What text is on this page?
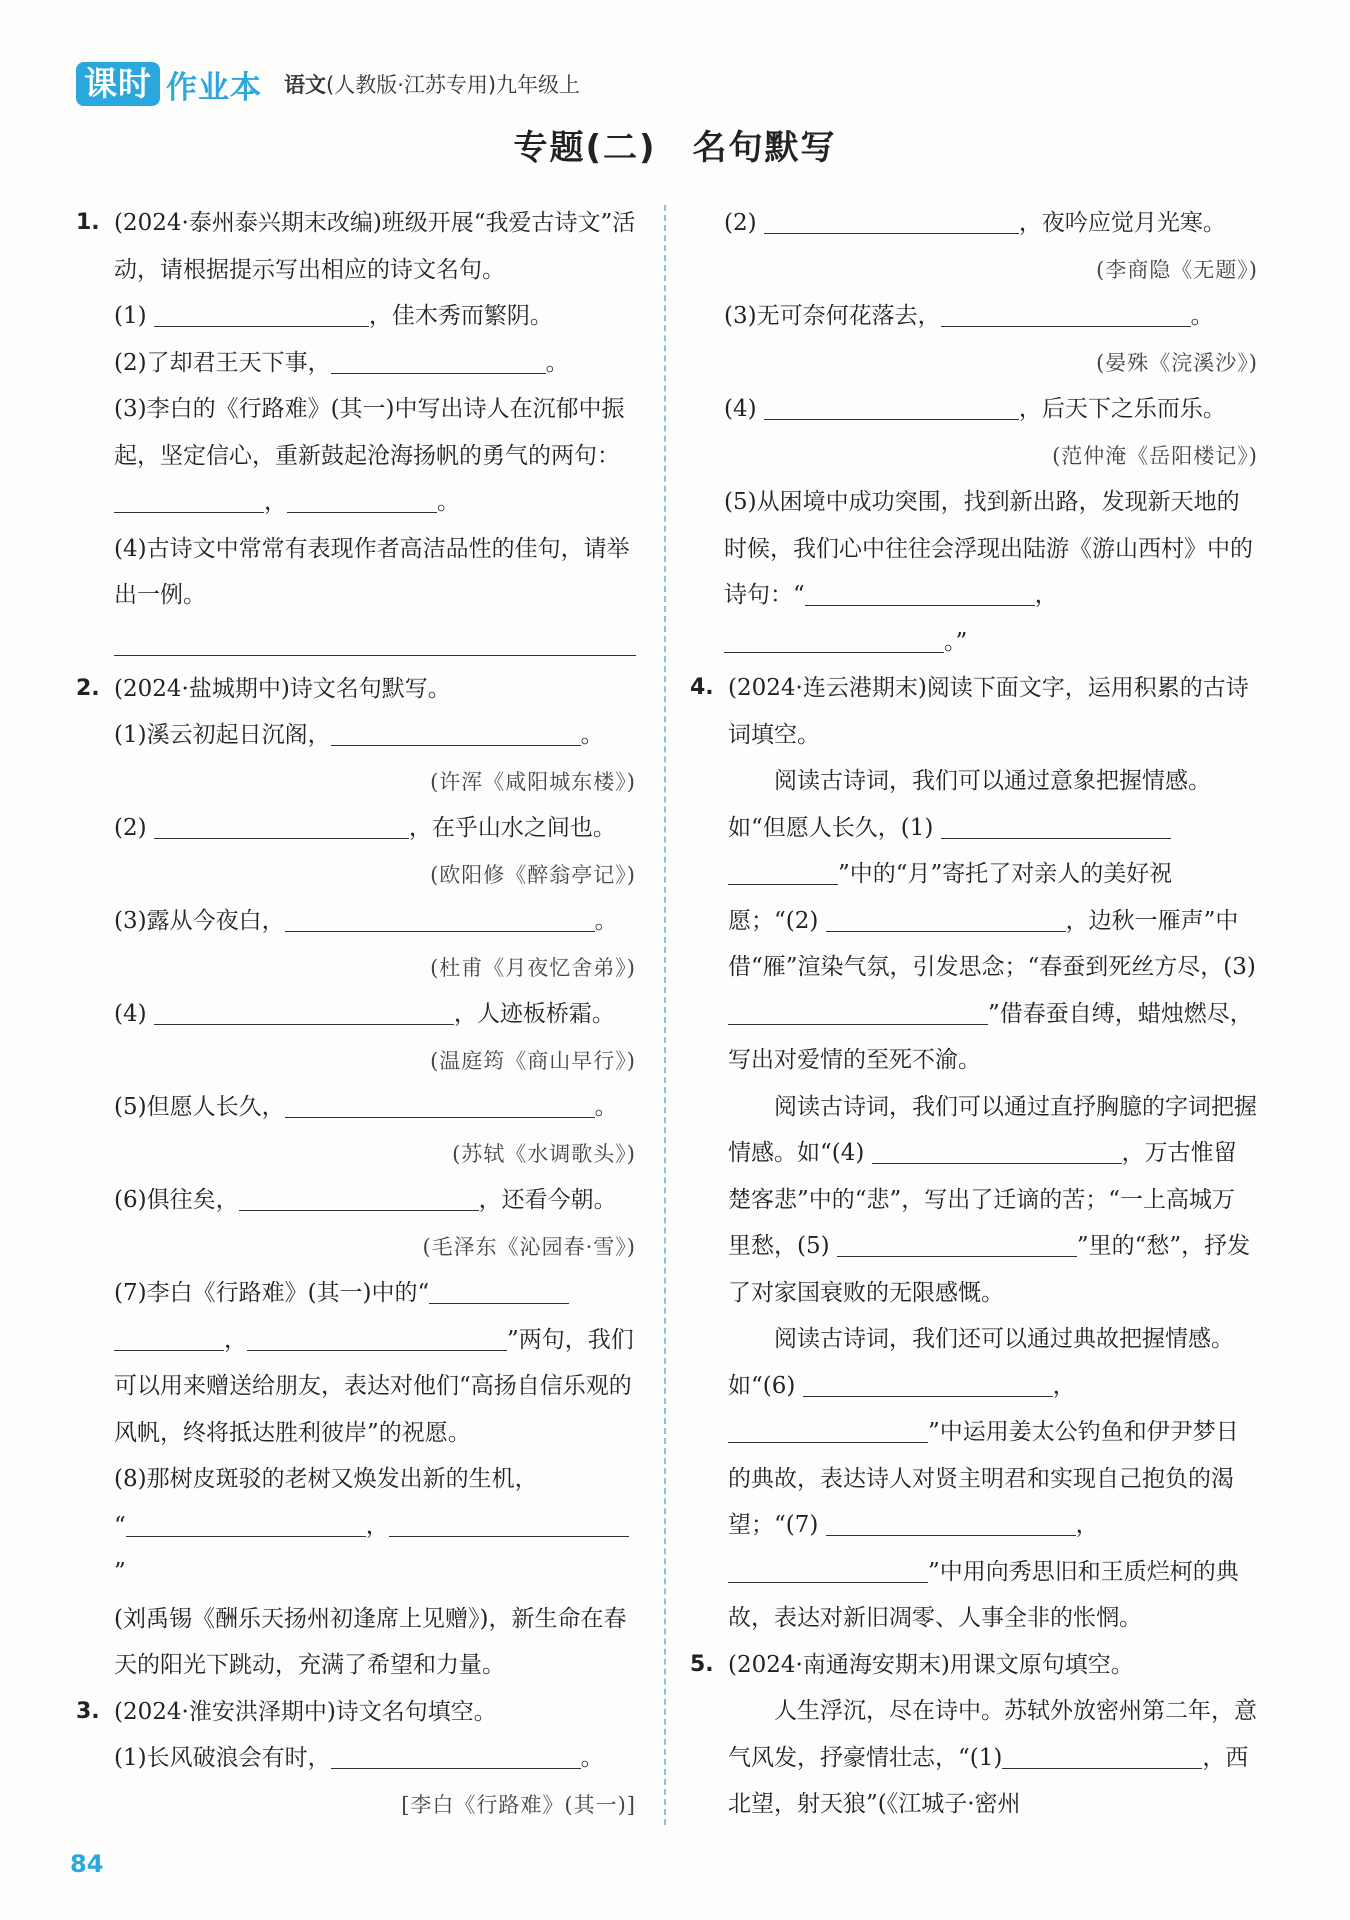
课时 作业本 语文(人教版·江苏专用)九年级上
专题(二)　名句默写
1. (2024·泰州泰兴期末改编)班级开展“我爱古诗文”活动，请根据提示写出相应的诗文名句。
(1)	，佳木秀而繁阴。
(2)了却君王天下事，	。
(3)李白的《行路难》(其一)中写出诗人在沉郁中振起，坚定信心，重新鼓起沧海扬帆的勇气的两句：，	。
(4)古诗文中常常有表现作者高洁品性的佳句，请举出一例。
2. (2024·盐城期中)诗文名句默写。
(1)溪云初起日沉阁，	。
(许浑《咸阳城东楼》)
(2)	，在乎山水之间也。
(欧阳修《醉翁亭记》)
(3)露从今夜白，	。
(杜甫《月夜忆舍弟》)
(4)	，人迹板桥霜。
(温庭筠《商山早行》)
(5)但愿人长久，	。
(苏轼《水调歌头》)
(6)俱往矣，	，还看今朝。
(毛泽东《沁园春·雪》)
(7)李白《行路难》(其一)中的“
，	”两句，我们可以用来赠送给朋友，表达对他们“高扬自信乐观的风帆，终将抵达胜利彼岸”的祝愿。
(8)那树皮斑驳的老树又焕发出新的生机，
“	，”
(刘禹锡《酬乐天扬州初逢席上见赠》)，新生命在春天的阳光下跳动，充满了希望和力量。
3. (2024·淮安洪泽期中)诗文名句填空。
(1)长风破浪会有时，	。
[李白《行路难》(其一)]
(2)	，夜吟应觉月光寒。
(李商隐《无题》)
(3)无可奈何花落去，	。
(晏殊《浣溪沙》)
(4)	，后天下之乐而乐。
(范仲淹《岳阳楼记》)
(5)从困境中成功突围，找到新出路，发现新天地的时候，我们心中往往会浮现出陆游《游山西村》中的诗句：“	，
。”
4. (2024·连云港期末)阅读下面文字，运用积累的古诗词填空。
阅读古诗词，我们可以通过意象把握情感。如“但愿人长久，(1) ”中的“月”寄托了对亲人的美好祝愿；“(2)	，边秋一雁声”中借“雁”渲染气氛，引发思念；“春蚕到死丝方尽，(3) ”借春蚕自缚，蜡烛燃尽，写出对爱情的至死不渝。
阅读古诗词，我们可以通过直抒胸臆的字词把握情感。如“(4)	，万古惟留楚客悲”中的“悲”，写出了迁谪的苦；“一上高城万里愁，(5)	”里的“愁”，抒发了对家国衰败的无限感慨。
阅读古诗词，我们还可以通过典故把握情感。如“(6)	，”中运用姜太公钓鱼和伊尹梦日的典故，表达诗人对贤主明君和实现自己抱负的渴望；“(7)	，”中用向秀思旧和王质烂柯的典故，表达对新旧凋零、人事全非的怅惘。
5. (2024·南通海安期末)用课文原句填空。
人生浮沉，尽在诗中。苏轼外放密州第二年，意气风发，抒豪情壮志，“(1)	，西北望，射天狼”(《江城子·密州
84
